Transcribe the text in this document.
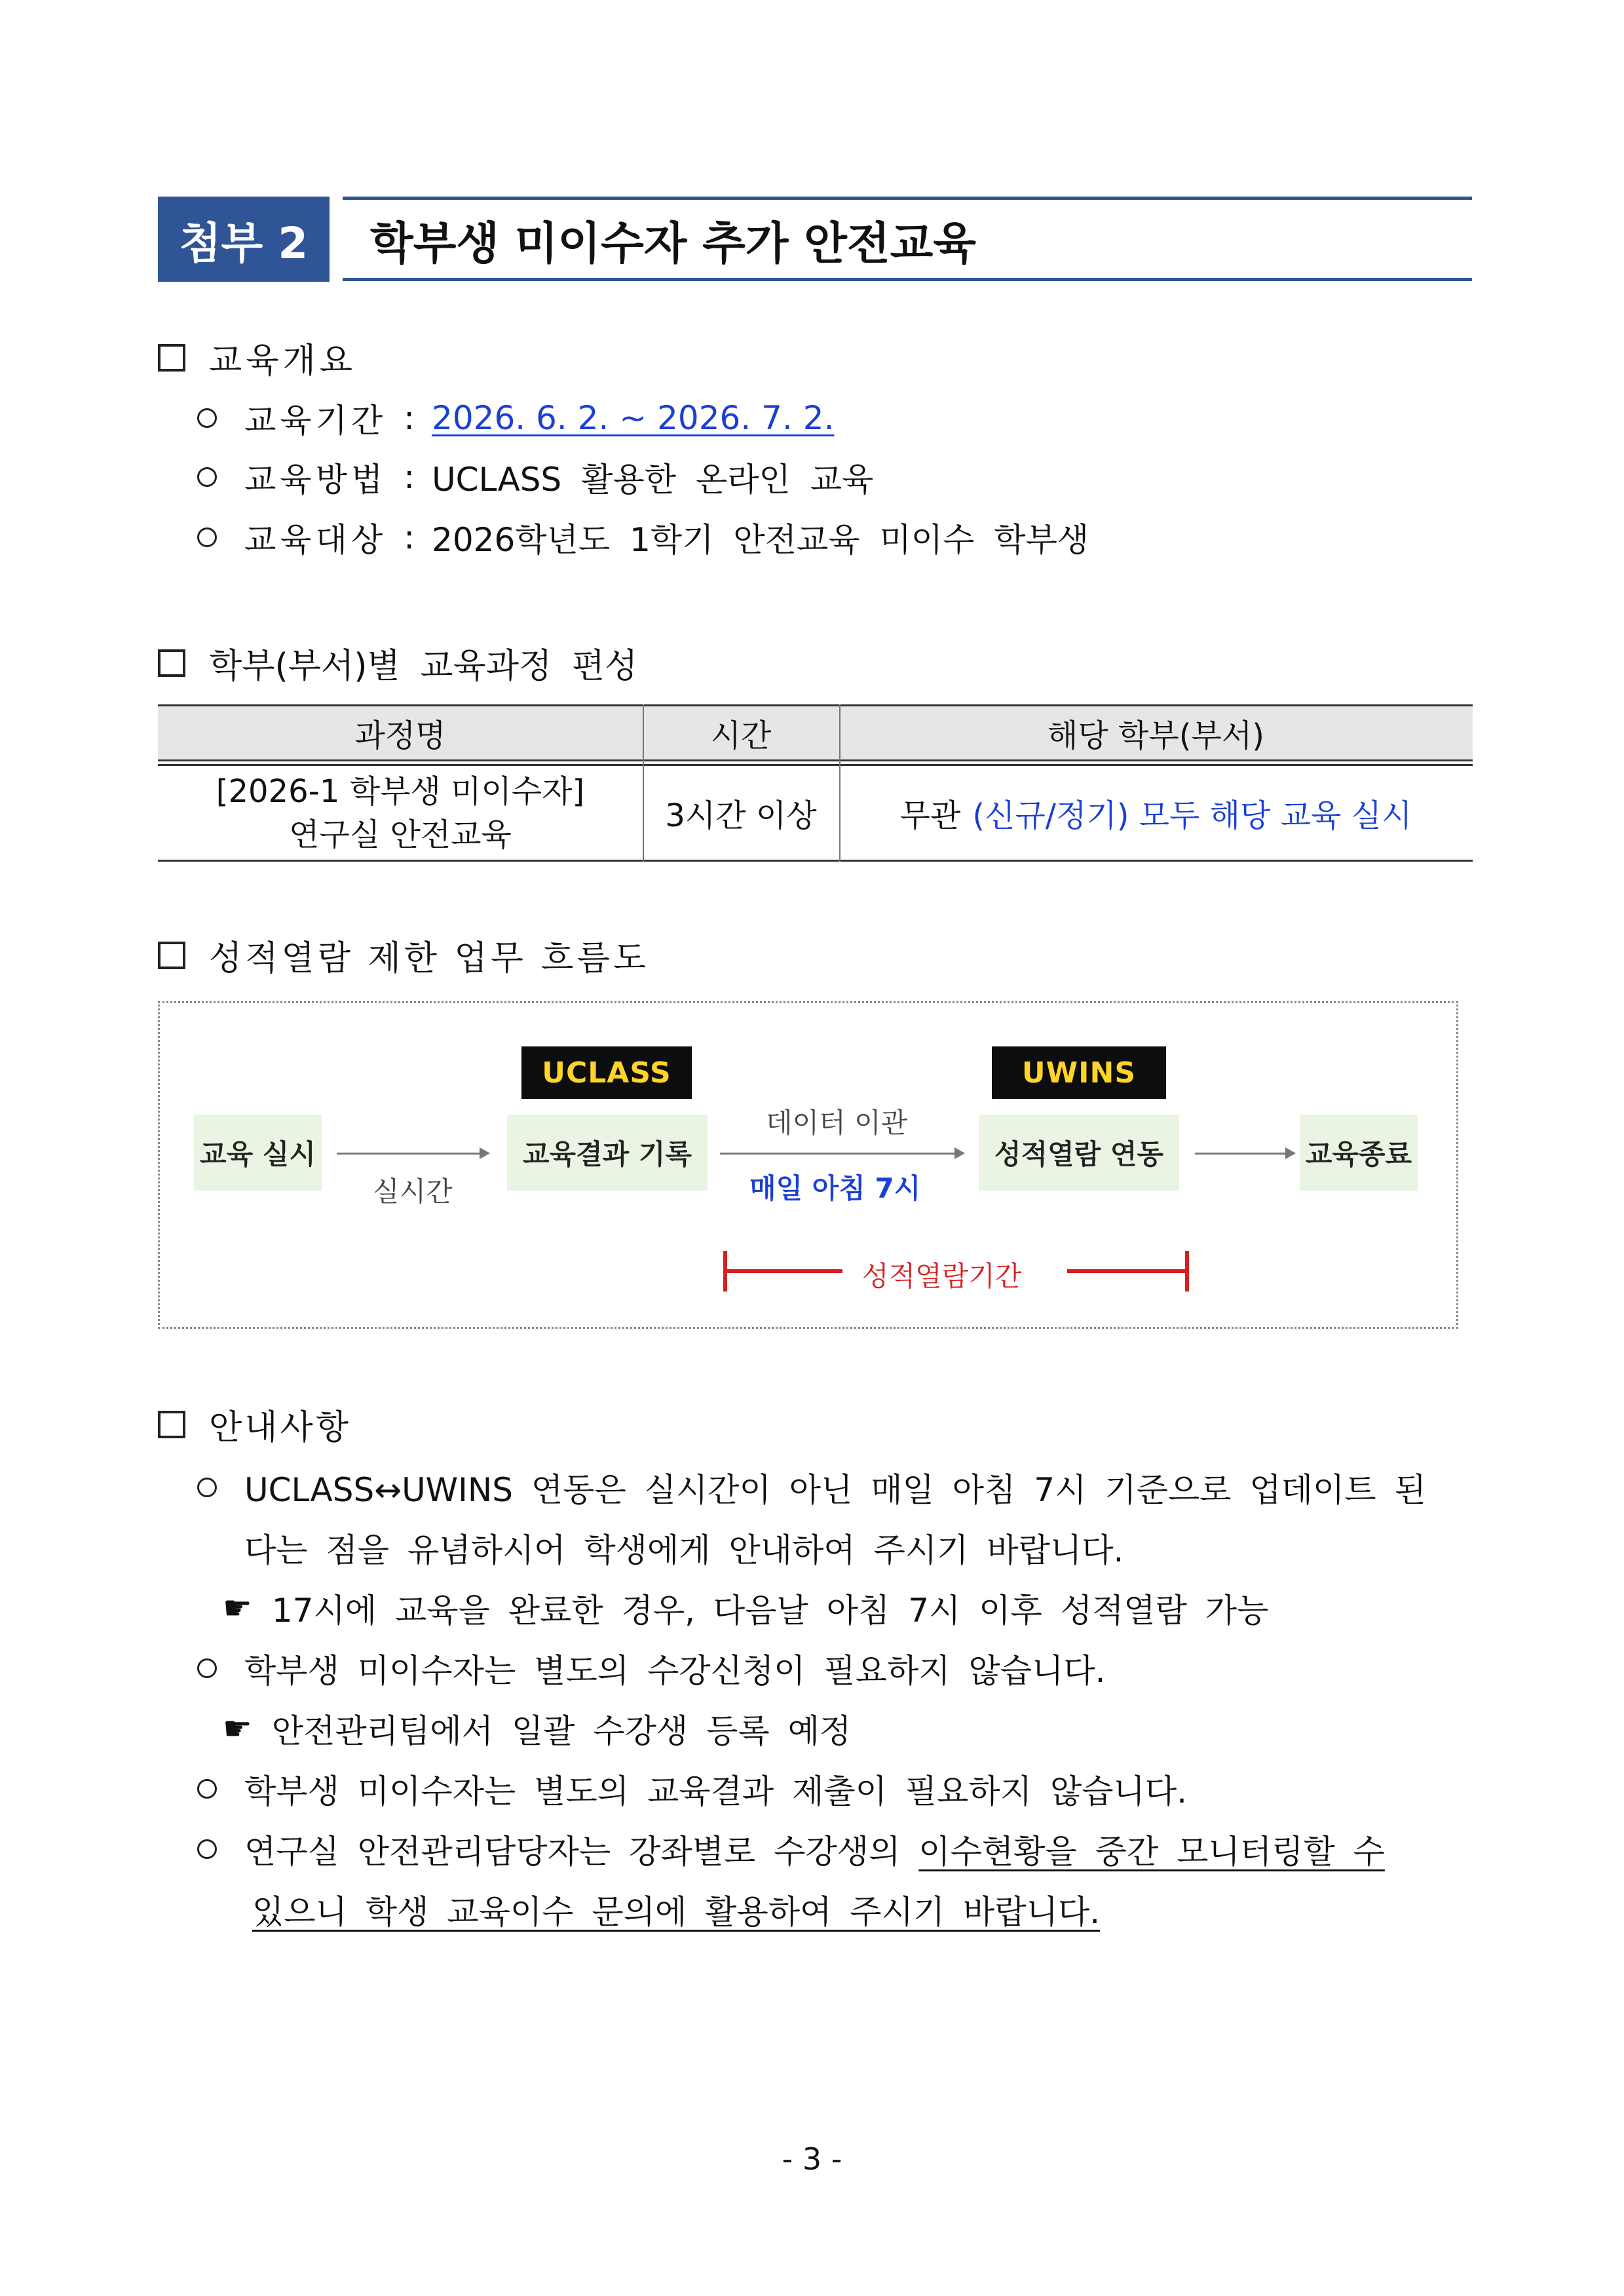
첨부 2 학부생 미이수자 추가 안전교육
교육개요
교육기간 : 2026. 6. 2. ~ 2026. 7. 2.
교육방법 : UCLASS 활용한 온라인 교육
교육대상 : 2026학년도 1학기 안전교육 미이수 학부생
학부(부서)별 교육과정 편성
과정명	시간	해당 학부(부서)
[2026-1 학부생 미이수자]
연구실 안전교육
3시간 이상	무관 (신규/정기) 모두 해당 교육 실시
성적열람 제한 업무 흐름도
교육 실시
실시간
UCLASS
교육결과 기록
데이터 이관
매일 아침 7시
UWINS
성적열람 연동	교육종료
성적열람기간
안내사항
UCLASS↔UWINS 연동은 실시간이 아닌 매일 아침 7시 기준으로 업데이트 된
다는 점을 유념하시어 학생에게 안내하여 주시기 바랍니다.
☛ 17시에 교육을 완료한 경우, 다음날 아침 7시 이후 성적열람 가능
학부생 미이수자는 별도의 수강신청이 필요하지 않습니다.
☛ 안전관리팀에서 일괄 수강생 등록 예정
학부생 미이수자는 별도의 교육결과 제출이 필요하지 않습니다.
연구실 안전관리담당자는 강좌별로 수강생의 이수현황을 중간 모니터링할 수
있으니 학생 교육이수 문의에 활용하여 주시기 바랍니다.
- 3 -
